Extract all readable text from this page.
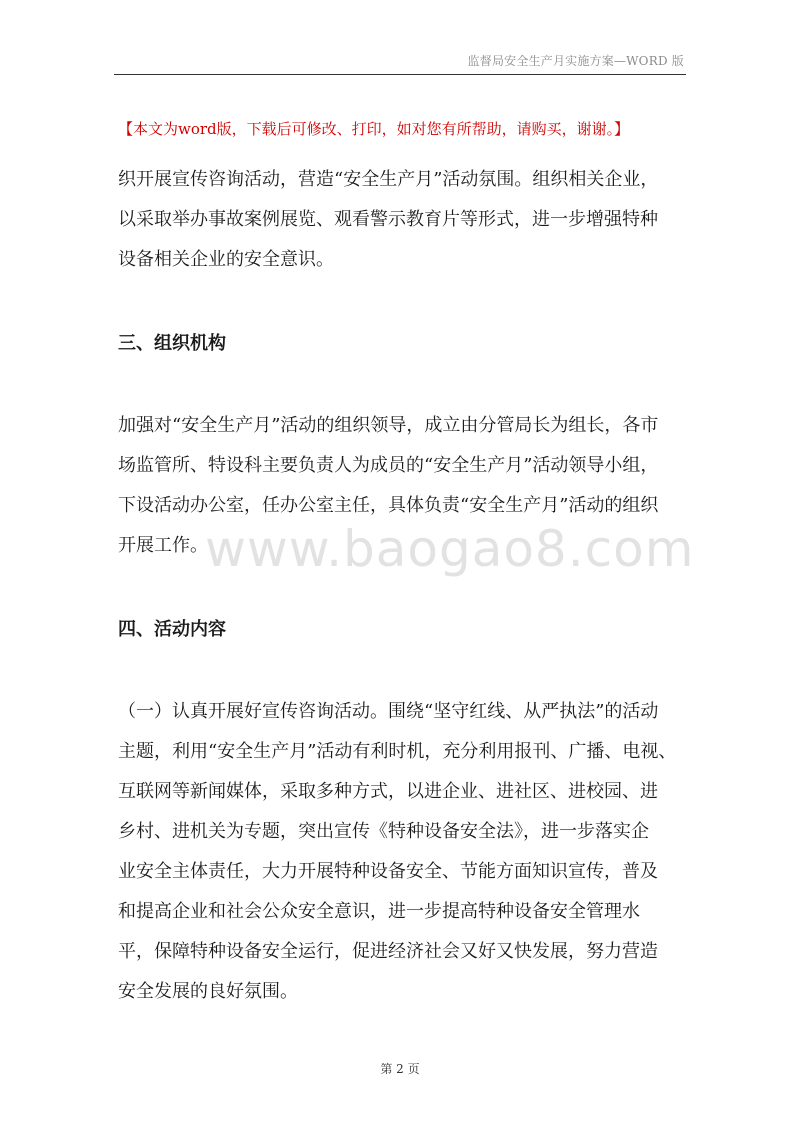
监督局安全生产月实施方案—WORD 版
【本文为word版，下载后可修改、打印，如对您有所帮助，请购买，谢谢。】

织开展宣传咨询活动，营造“安全生产月”活动氛围。组织相关企业，
以采取举办事故案例展览、观看警示教育片等形式，进一步增强特种
设备相关企业的安全意识。

三、组织机构

加强对“安全生产月”活动的组织领导，成立由分管局长为组长，各市
场监管所、特设科主要负责人为成员的“安全生产月”活动领导小组，
下设活动办公室，任办公室主任，具体负责“安全生产月”活动的组织
开展工作。

四、活动内容

（一）认真开展好宣传咨询活动。围绕“坚守红线、从严执法”的活动
主题，利用“安全生产月”活动有利时机，充分利用报刊、广播、电视、
互联网等新闻媒体，采取多种方式，以进企业、进社区、进校园、进
乡村、进机关为专题，突出宣传《特种设备安全法》，进一步落实企
业安全主体责任，大力开展特种设备安全、节能方面知识宣传，普及
和提高企业和社会公众安全意识，进一步提高特种设备安全管理水
平，保障特种设备安全运行，促进经济社会又好又快发展，努力营造
安全发展的良好氛围。

www.baogao8.com
第 2 页
